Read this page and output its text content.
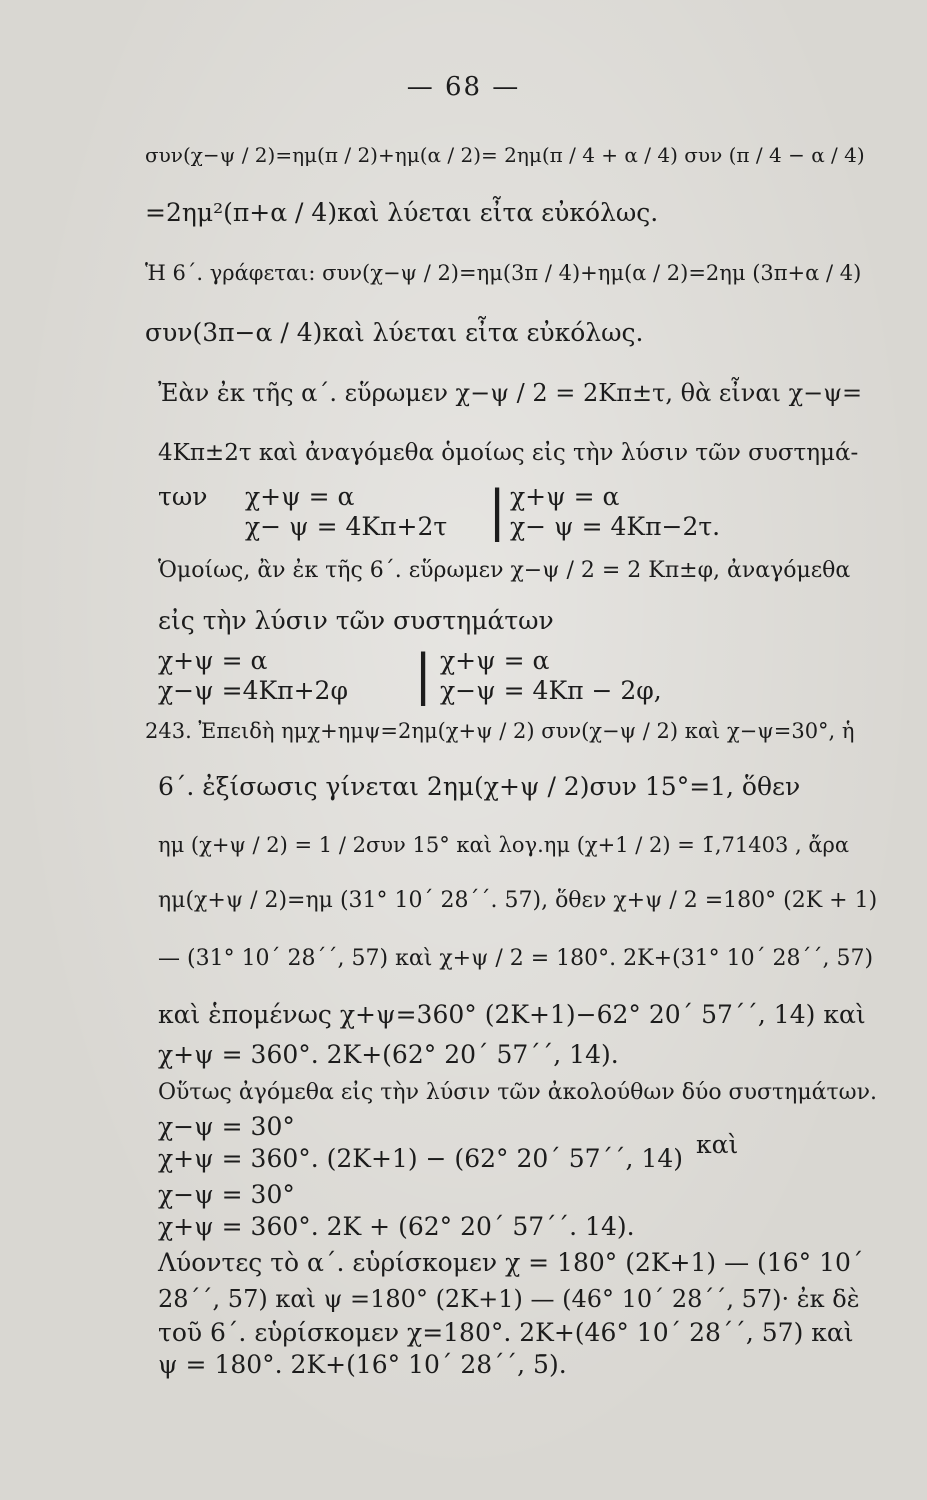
— 68 —
συν(χ−ψ / 2)=ημ(π / 2)+ημ(α / 2)= 2ημ(π / 4 + α / 4) συν (π / 4 − α / 4)
=2ημ²(π+α / 4)καὶ λύεται εἶτα εὐκόλως.
Ἡ 6΄. γράφεται: συν(χ−ψ / 2)=ημ(3π / 4)+ημ(α / 2)=2ημ (3π+α / 4)
συν(3π−α / 4)καὶ λύεται εἶτα εὐκόλως.
Ἐὰν ἐκ τῆς α΄. εὕρωμεν χ−ψ / 2 = 2Κπ±τ, θὰ εἶναι χ−ψ=
4Κπ±2τ καὶ ἀναγόμεθα ὁμοίως εἰς τὴν λύσιν τῶν συστημά-
των χ+ψ = α	χ+ψ = α
χ− ψ = 4Κπ+2τ	χ− ψ = 4Κπ−2τ.
|
Ὁμοίως, ἂν ἐκ τῆς 6΄. εὕρωμεν χ−ψ / 2 = 2 Κπ±φ, ἀναγόμεθα
εἰς τὴν λύσιν τῶν συστημάτων
χ+ψ = α	χ+ψ = α
χ−ψ =4Κπ+2φ	χ−ψ = 4Κπ − 2φ,
|
243. Ἐπειδὴ ημχ+ημψ=2ημ(χ+ψ / 2) συν(χ−ψ / 2) καὶ χ−ψ=30°, ἡ
6΄. ἐξίσωσις γίνεται 2ημ(χ+ψ / 2)συν 15°=1, ὅθεν
ημ (χ+ψ / 2) = 1 / 2συν 15° καὶ λογ.ημ (χ+1 / 2) = 1̄,71403 , ἄρα
ημ(χ+ψ / 2)=ημ (31° 10΄ 28΄΄. 57), ὅθεν χ+ψ / 2 =180° (2Κ + 1)
— (31° 10΄ 28΄΄, 57) καὶ χ+ψ / 2 = 180°. 2Κ+(31° 10΄ 28΄΄, 57)
καὶ ἑπομένως χ+ψ=360° (2Κ+1)−62° 20΄ 57΄΄, 14) καὶ
χ+ψ = 360°. 2Κ+(62° 20΄ 57΄΄, 14).
Οὕτως ἀγόμεθα εἰς τὴν λύσιν τῶν ἀκολούθων δύο συστημάτων.
χ−ψ = 30°
χ+ψ = 360°. (2Κ+1) − (62° 20΄ 57΄΄, 14) καὶ
χ−ψ = 30°
χ+ψ = 360°. 2Κ + (62° 20΄ 57΄΄. 14).
Λύοντες τὸ α΄. εὑρίσκομεν χ = 180° (2Κ+1) — (16° 10΄
28΄΄, 57) καὶ ψ =180° (2Κ+1) — (46° 10΄ 28΄΄, 57)· ἐκ δὲ
τοῦ 6΄. εὑρίσκομεν χ=180°. 2Κ+(46° 10΄ 28΄΄, 57) καὶ
ψ = 180°. 2Κ+(16° 10΄ 28΄΄, 5̄).
